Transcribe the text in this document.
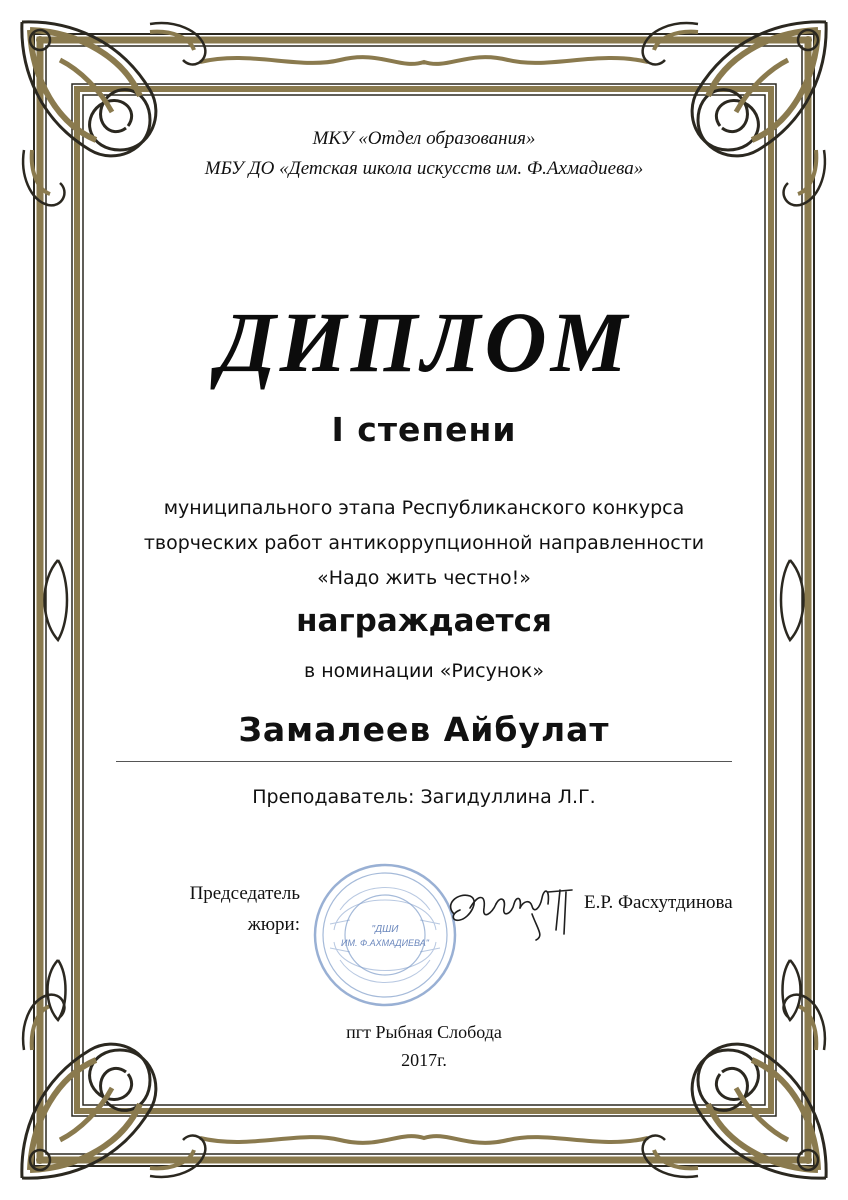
МКУ «Отдел образования»
МБУ ДО «Детская школа искусств им. Ф.Ахмадиева»
ДИПЛОМ
I степени
муниципального этапа Республиканского конкурса
творческих работ антикоррупционной направленности
«Надо жить честно!»
награждается
в номинации «Рисунок»
Замалеев Айбулат
Преподаватель: Загидуллина Л.Г.
Председатель
жюри:	"ДШИ
ИМ. Ф.АХМАДИЕВА"
Е.Р. Фасхутдинова
пгт Рыбная Слобода
2017г.
